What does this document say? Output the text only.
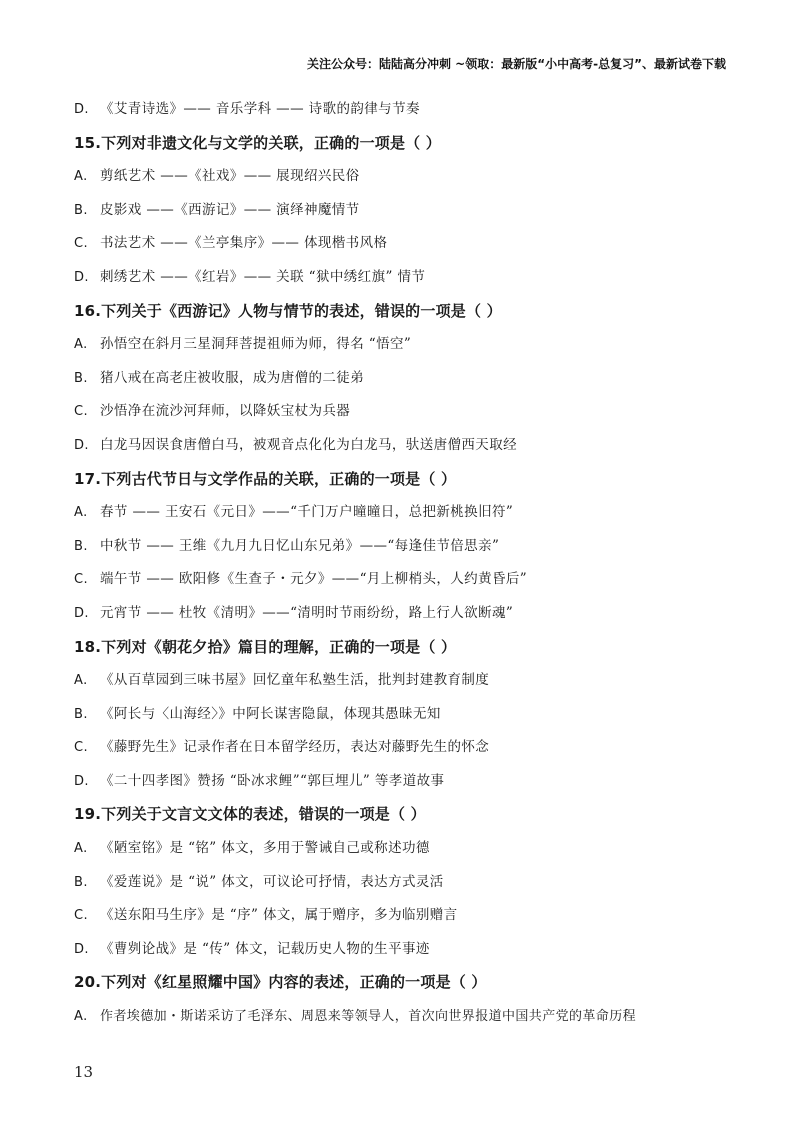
关注公众号：陆陆高分冲刺 ~领取：最新版“小中高考-总复习”、最新试卷下载
D. 《艾青诗选》—— 音乐学科 —— 诗歌的韵律与节奏
15.下列对非遗文化与文学的关联，正确的一项是（ ）
A. 剪纸艺术 ——《社戏》—— 展现绍兴民俗
B. 皮影戏 ——《西游记》—— 演绎神魔情节
C. 书法艺术 ——《兰亭集序》—— 体现楷书风格
D. 刺绣艺术 ——《红岩》—— 关联 “狱中绣红旗” 情节
16.下列关于《西游记》人物与情节的表述，错误的一项是（ ）
A. 孙悟空在斜月三星洞拜菩提祖师为师，得名 “悟空”
B. 猪八戒在高老庄被收服，成为唐僧的二徒弟
C. 沙悟净在流沙河拜师，以降妖宝杖为兵器
D. 白龙马因误食唐僧白马，被观音点化化为白龙马，驮送唐僧西天取经
17.下列古代节日与文学作品的关联，正确的一项是（ ）
A. 春节 —— 王安石《元日》——“千门万户曈曈日，总把新桃换旧符”
B. 中秋节 —— 王维《九月九日忆山东兄弟》——“每逢佳节倍思亲”
C. 端午节 —— 欧阳修《生查子・元夕》——“月上柳梢头，人约黄昏后”
D. 元宵节 —— 杜牧《清明》——“清明时节雨纷纷，路上行人欲断魂”
18.下列对《朝花夕拾》篇目的理解，正确的一项是（ ）
A. 《从百草园到三味书屋》回忆童年私塾生活，批判封建教育制度
B. 《阿长与〈山海经〉》中阿长谋害隐鼠，体现其愚昧无知
C. 《藤野先生》记录作者在日本留学经历，表达对藤野先生的怀念
D. 《二十四孝图》赞扬 “卧冰求鲤”“郭巨埋儿” 等孝道故事
19.下列关于文言文文体的表述，错误的一项是（ ）
A. 《陋室铭》是 “铭” 体文，多用于警诫自己或称述功德
B. 《爱莲说》是 “说” 体文，可议论可抒情，表达方式灵活
C. 《送东阳马生序》是 “序” 体文，属于赠序，多为临别赠言
D. 《曹刿论战》是 “传” 体文，记载历史人物的生平事迹
20.下列对《红星照耀中国》内容的表述，正确的一项是（ ）
A. 作者埃德加・斯诺采访了毛泽东、周恩来等领导人，首次向世界报道中国共产党的革命历程
13
